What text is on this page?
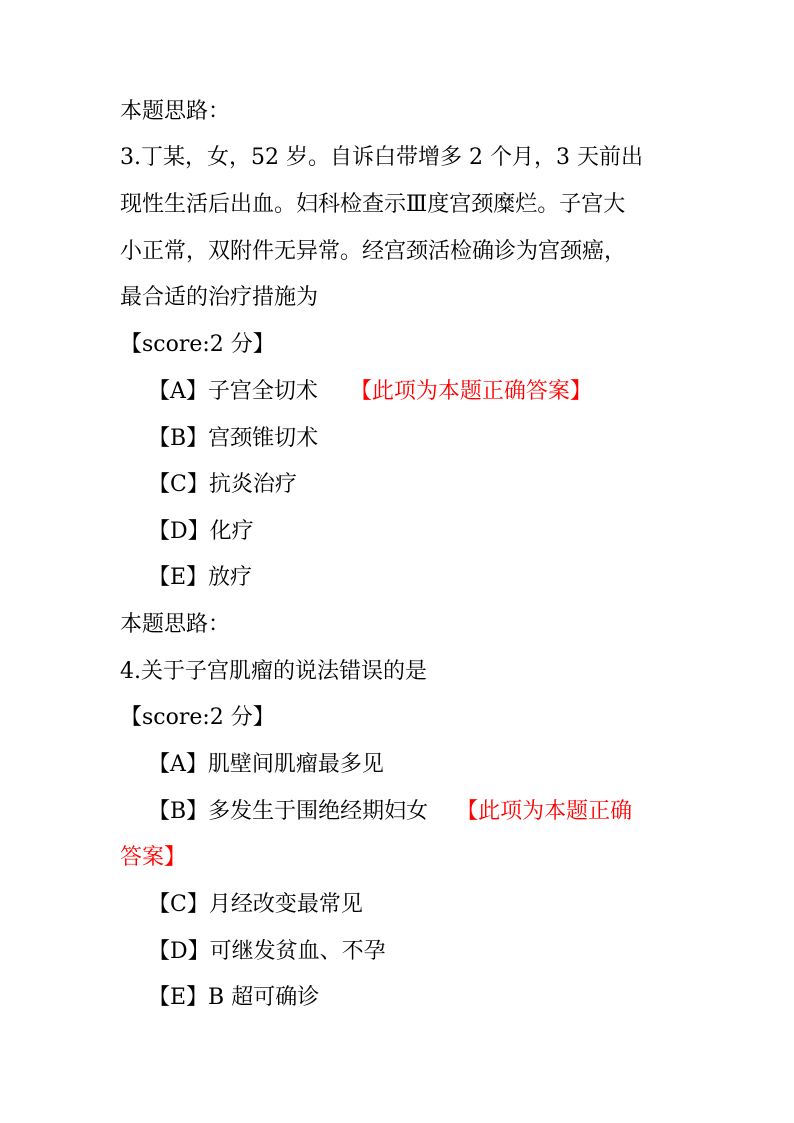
本题思路：
3.丁某，女，52 岁。自诉白带增多 2 个月，3 天前出
现性生活后出血。妇科检查示Ⅲ度宫颈糜烂。子宫大
小正常，双附件无异常。经宫颈活检确诊为宫颈癌，
最合适的治疗措施为
【score:2 分】
【A】子宫全切术 【此项为本题正确答案】
【B】宫颈锥切术
【C】抗炎治疗
【D】化疗
【E】放疗
本题思路：
4.关于子宫肌瘤的说法错误的是
【score:2 分】
【A】肌壁间肌瘤最多见
【B】多发生于围绝经期妇女 【此项为本题正确
答案】
【C】月经改变最常见
【D】可继发贫血、不孕
【E】B 超可确诊
